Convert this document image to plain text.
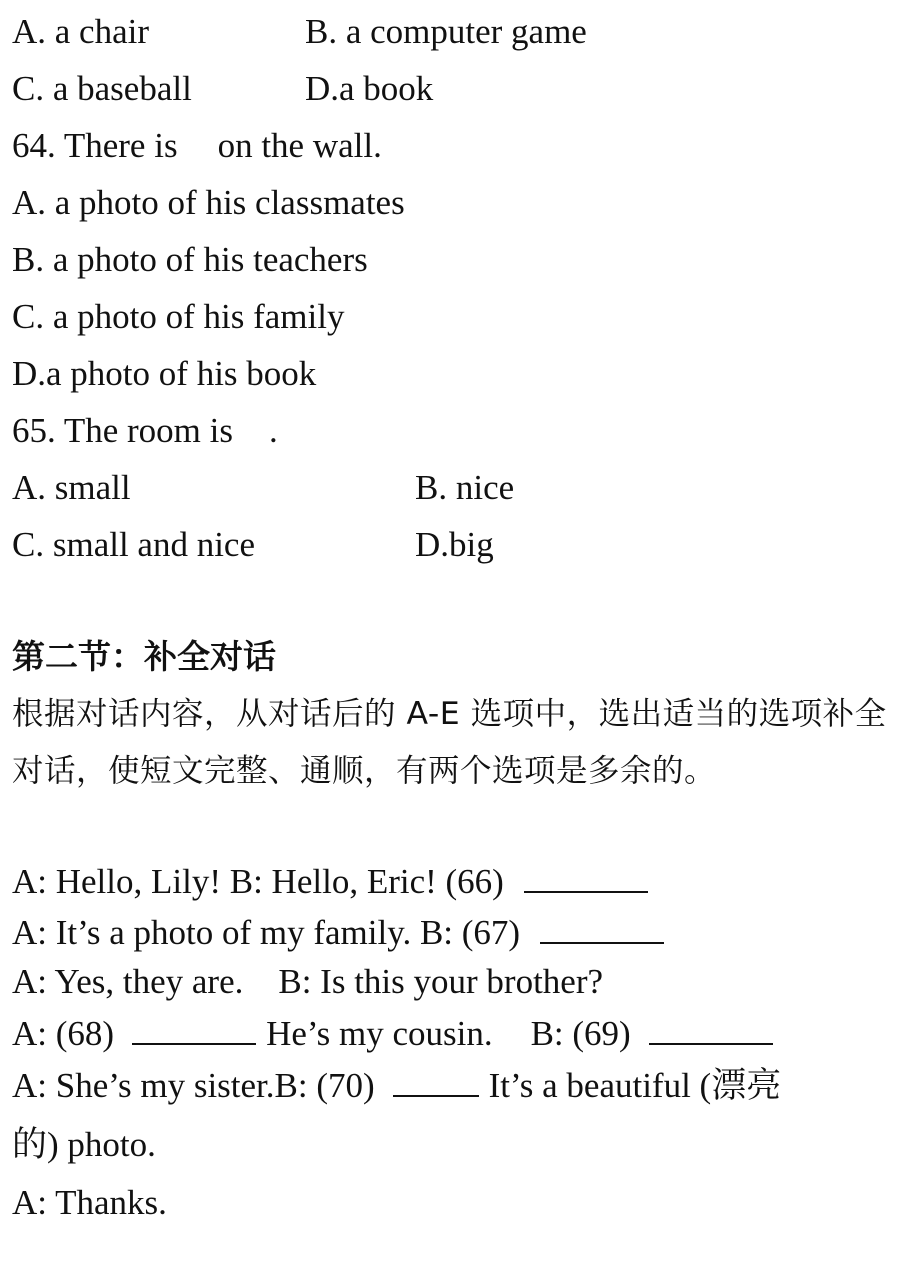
A. a chair	B. a computer game
C. a baseball	D.a book
64. There is on the wall.
A. a photo of his classmates
B. a photo of his teachers
C. a photo of his family
D.a photo of his book
65. The room is .
A. small	B. nice
C. small and nice	D.big
第二节：补全对话
根据对话内容，从对话后的 A-E 选项中，选出适当的选项补全对话，使短文完整、通顺，有两个选项是多余的。
A: Hello, Lily! B: Hello, Eric! (66)
A: It’s a photo of my family. B: (67)
A: Yes, they are.    B: Is this your brother?
A: (68)	He’s my cousin. B: (69)
A: She’s my sister.B: (70)	It’s a beautiful (漂亮
的) photo.
A: Thanks.
